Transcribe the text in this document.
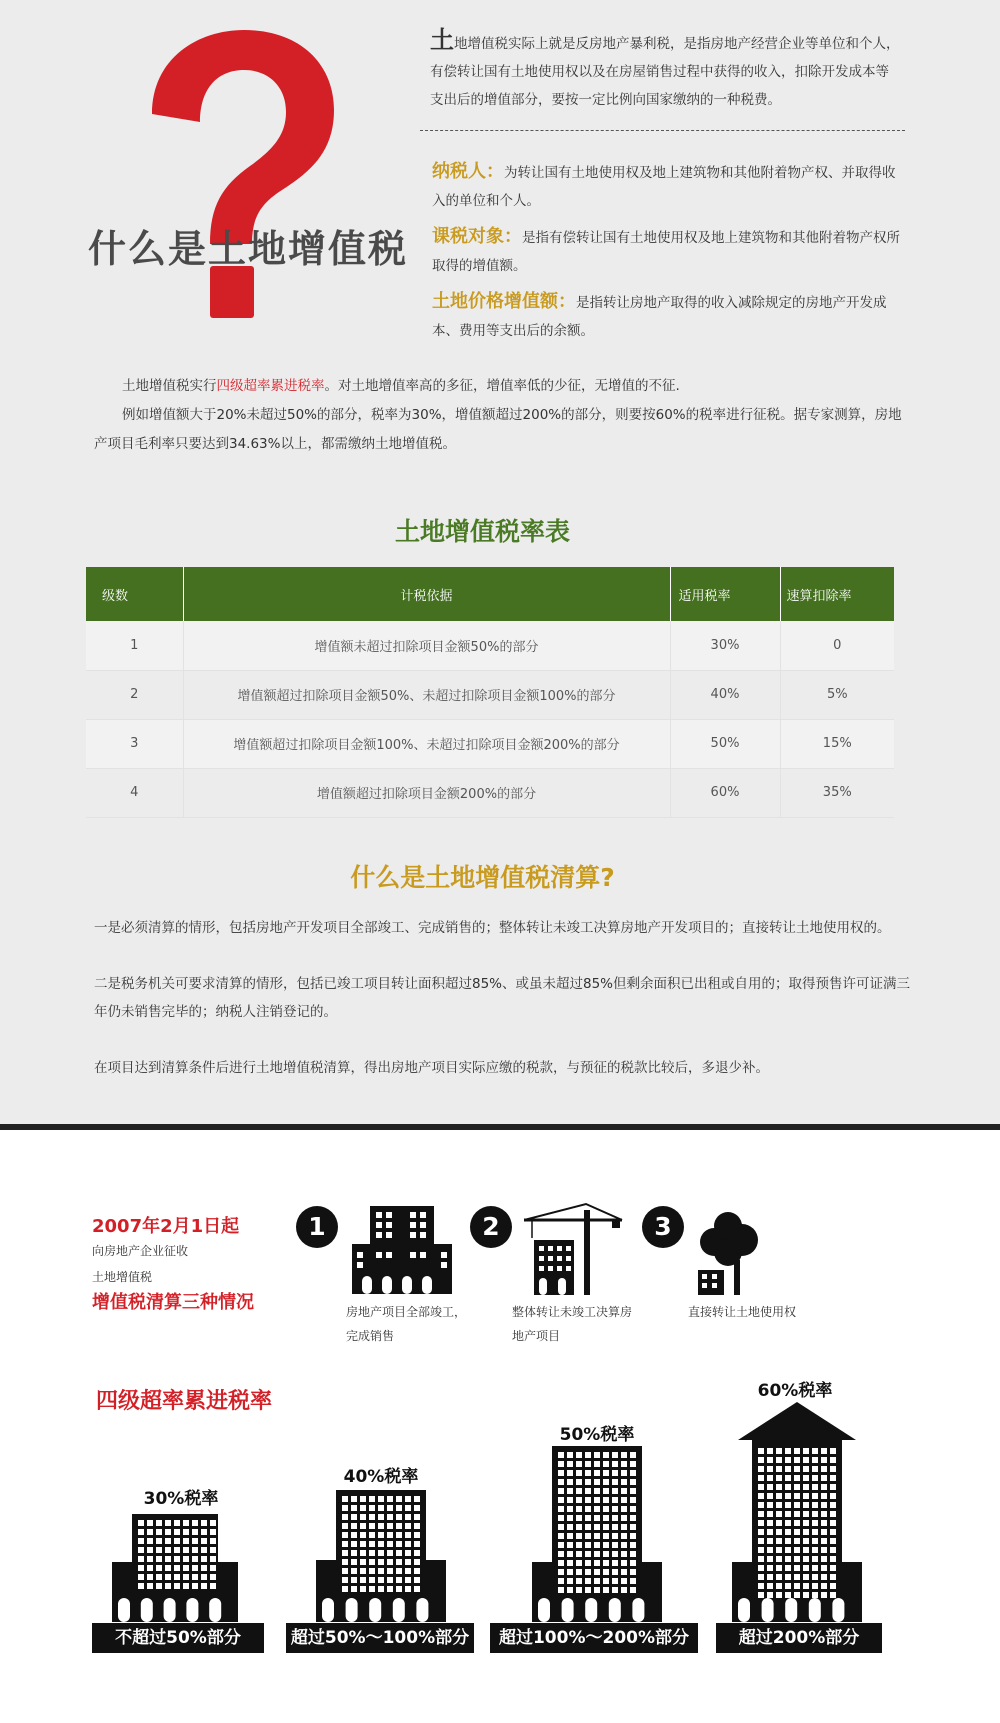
什么是土地增值税
土地增值税实际上就是反房地产暴利税，是指房地产经营企业等单位和个人，有偿转让国有土地使用权以及在房屋销售过程中获得的收入，扣除开发成本等支出后的增值部分，要按一定比例向国家缴纳的一种税费。
纳税人：为转让国有土地使用权及地上建筑物和其他附着物产权、并取得收入的单位和个人。
课税对象：是指有偿转让国有土地使用权及地上建筑物和其他附着物产权所取得的增值额。
土地价格增值额：是指转让房地产取得的收入减除规定的房地产开发成本、费用等支出后的余额。
土地增值税实行四级超率累进税率。对土地增值率高的多征，增值率低的少征，无增值的不征.
例如增值额大于20%未超过50%的部分，税率为30%，增值额超过200%的部分，则要按60%的税率进行征税。据专家测算，房地产项目毛利率只要达到34.63%以上，都需缴纳土地增值税。
土地增值税率表
级数	计税依据	适用税率	速算扣除率
1	增值额未超过扣除项目金额50%的部分	30%	0
2	增值额超过扣除项目金额50%、未超过扣除项目金额100%的部分	40%	5%
3	增值额超过扣除项目金额100%、未超过扣除项目金额200%的部分	50%	15%
4	增值额超过扣除项目金额200%的部分	60%	35%
什么是土地增值税清算?
一是必须清算的情形，包括房地产开发项目全部竣工、完成销售的；整体转让未竣工决算房地产开发项目的；直接转让土地使用权的。
二是税务机关可要求清算的情形，包括已竣工项目转让面积超过85%、或虽未超过85%但剩余面积已出租或自用的；取得预售许可证满三年仍未销售完毕的；纳税人注销登记的。
在项目达到清算条件后进行土地增值税清算，得出房地产项目实际应缴的税款，与预征的税款比较后，多退少补。
2007年2月1日起
向房地产企业征收
土地增值税
增值税清算三种情况
1
房地产项目全部竣工，
完成销售
2
整体转让未竣工决算房
地产项目
3
直接转让土地使用权
四级超率累进税率
30%税率
40%税率
50%税率
60%税率
不超过50%部分	超过50%～100%部分	超过100%～200%部分	超过200%部分
